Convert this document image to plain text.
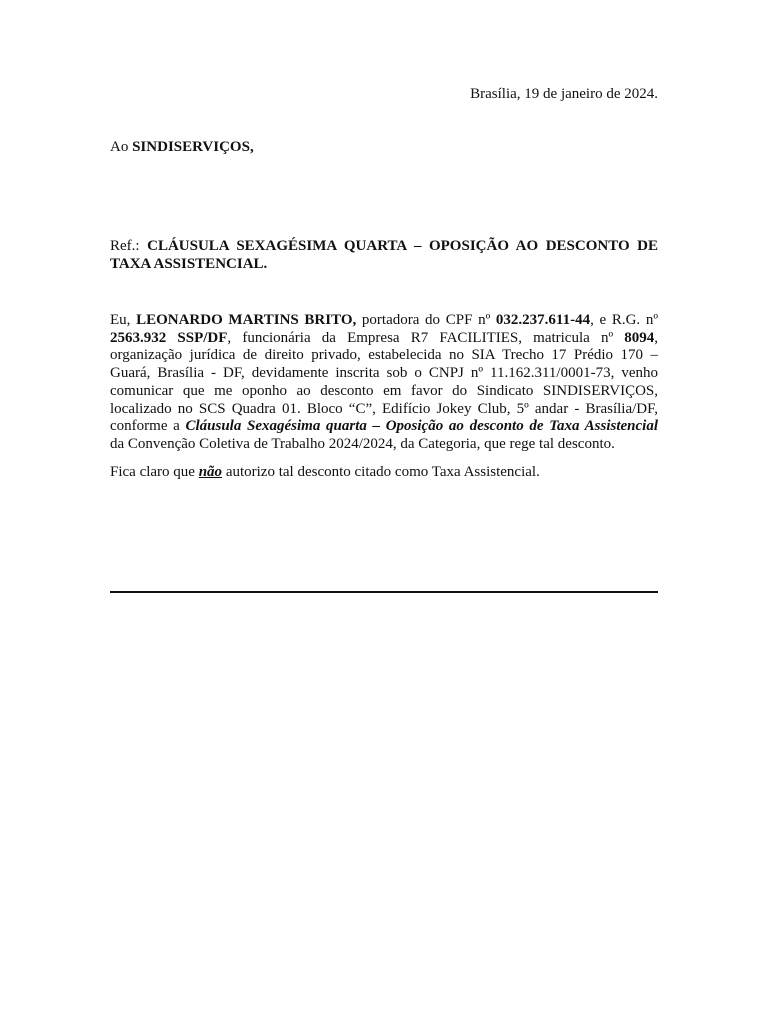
Brasília, 19 de janeiro de 2024.
Ao SINDISERVIÇOS,
Ref.: CLÁUSULA SEXAGÉSIMA QUARTA – OPOSIÇÃO AO DESCONTO DE TAXA ASSISTENCIAL.
Eu, LEONARDO MARTINS BRITO, portadora do CPF nº 032.237.611-44, e R.G. nº
2563.932 SSP/DF, funcionária da Empresa R7 FACILITIES, matricula nº 8094,
organização jurídica de direito privado, estabelecida no SIA Trecho 17 Prédio 170 –
Guará, Brasília - DF, devidamente inscrita sob o CNPJ nº 11.162.311/0001-73, venho
comunicar que me oponho ao desconto em favor do Sindicato SINDISERVIÇOS,
localizado no SCS Quadra 01. Bloco “C”, Edifício Jokey Club, 5º andar - Brasília/DF,
conforme a Cláusula Sexagésima quarta – Oposição ao desconto de Taxa Assistencial
da Convenção Coletiva de Trabalho 2024/2024, da Categoria, que rege tal desconto.
Fica claro que não autorizo tal desconto citado como Taxa Assistencial.
